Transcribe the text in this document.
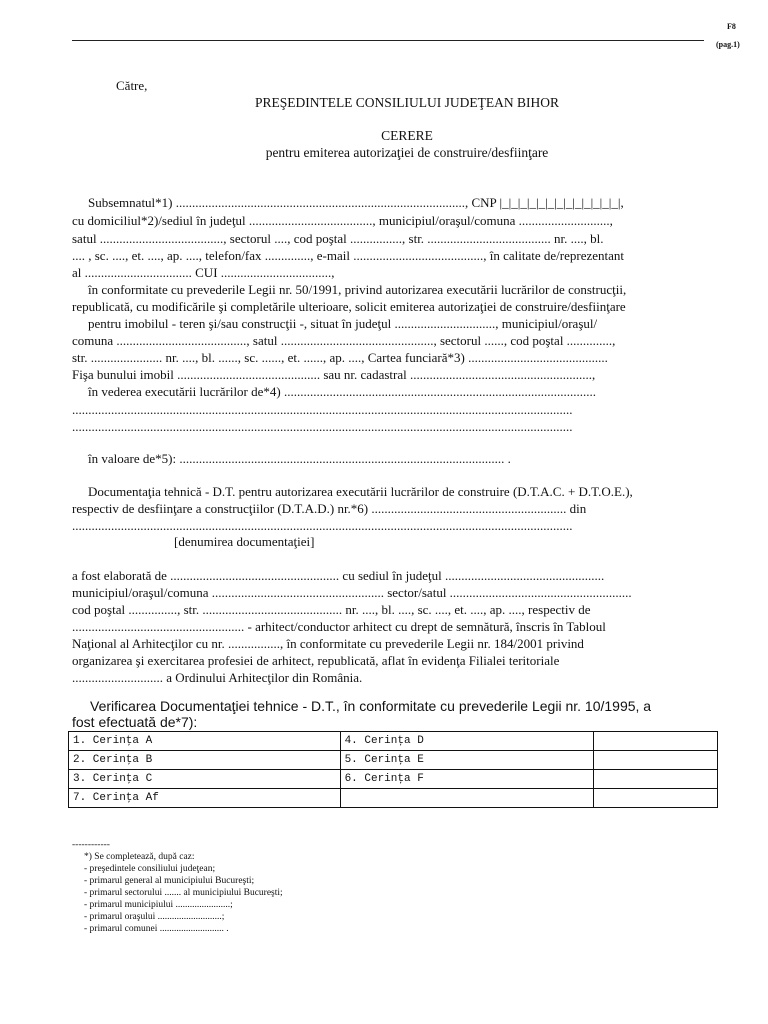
F8
(pag.1)
Către,
PREŞEDINTELE CONSILIULUI JUDEŢEAN BIHOR
CERERE
pentru emiterea autorizaţiei de construire/desfiinţare
Subsemnatul*1) ........................................................................................., CNP |_|_|_|_|_|_|_|_|_|_|_|_|_|,
cu domiciliul*2)/sediul în judeţul ......................................, municipiul/oraşul/comuna ............................,
satul ......................................, sectorul ...., cod poştal ................, str. ...................................... nr. ...., bl.
.... , sc. ...., et. ...., ap. ...., telefon/fax .............., e-mail ........................................, în calitate de/reprezentant
al ................................. CUI ..................................,
în conformitate cu prevederile Legii nr. 50/1991, privind autorizarea executării lucrărilor de construcţii,
republicată, cu modificările şi completările ulterioare, solicit emiterea autorizaţiei de construire/desfiinţare
pentru imobilul - teren şi/sau construcţii -, situat în judeţul ..............................., municipiul/oraşul/
comuna ........................................, satul ..............................................., sectorul ......, cod poştal ..............,
str. ...................... nr. ...., bl. ......, sc. ......, et. ......, ap. ...., Cartea funciară*3) ...........................................
Fişa bunului imobil ............................................ sau nr. cadastral ........................................................,
în vederea executării lucrărilor de*4) ................................................................................................
..........................................................................................................................................................
..........................................................................................................................................................
în valoare de*5): .................................................................................................... .
Documentaţia tehnică - D.T. pentru autorizarea executării lucrărilor de construire (D.T.A.C. + D.T.O.E.),
respectiv de desfiinţare a construcţiilor (D.T.A.D.) nr.*6) ............................................................ din
..........................................................................................................................................................
[denumirea documentaţiei]
a fost elaborată de .................................................... cu sediul în judeţul .................................................
municipiul/oraşul/comuna ..................................................... sector/satul ........................................................
cod poştal ..............., str. ........................................... nr. ...., bl. ...., sc. ...., et. ...., ap. ...., respectiv de
..................................................... - arhitect/conductor arhitect cu drept de semnătură, înscris în Tabloul
Naţional al Arhitecţilor cu nr. ................, în conformitate cu prevederile Legii nr. 184/2001 privind
organizarea şi exercitarea profesiei de arhitect, republicată, aflat în evidenţa Filialei teritoriale
............................ a Ordinului Arhitecţilor din România.
Verificarea Documentaţiei tehnice - D.T., în conformitate cu prevederile Legii nr. 10/1995, a
fost efectuată de*7):
1. Cerinţa A	4. Cerinţa D	
2. Cerinţa B	5. Cerinţa E	
3. Cerinţa C	6. Cerinţa F	
7. Cerinţa Af		
------------
*) Se completează, după caz:
- preşedintele consiliului judeţean;
- primarul general al municipiului Bucureşti;
- primarul sectorului ....... al municipiului Bucureşti;
- primarul municipiului .......................;
- primarul oraşului ...........................;
- primarul comunei ........................... .
